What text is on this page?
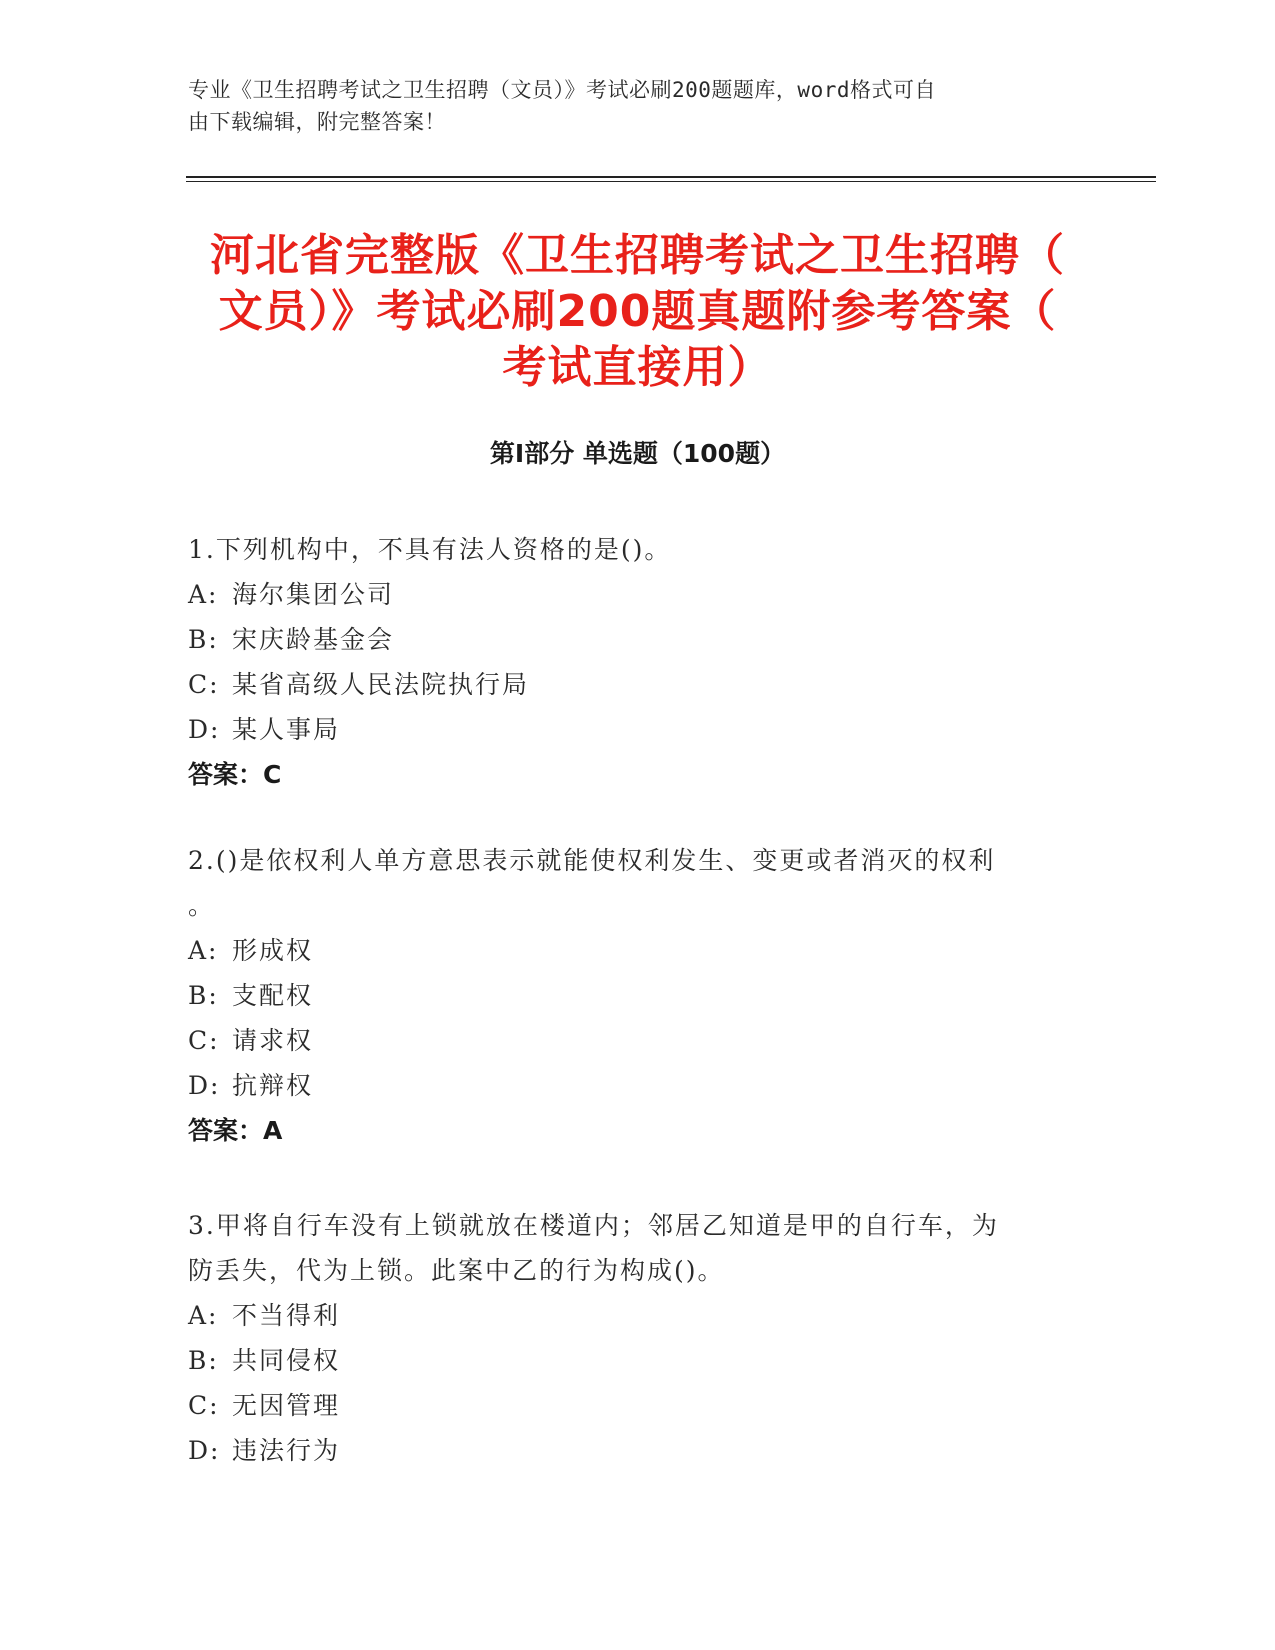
专业《卫生招聘考试之卫生招聘（文员）》考试必刷200题题库，word格式可自
由下载编辑，附完整答案！
河北省完整版《卫生招聘考试之卫生招聘（
文员）》考试必刷200题真题附参考答案（
考试直接用）
第Ⅰ部分 单选题（100题）
1.下列机构中，不具有法人资格的是()。
A: 海尔集团公司
B: 宋庆龄基金会
C: 某省高级人民法院执行局
D: 某人事局
答案：C
2.()是依权利人单方意思表示就能使权利发生、变更或者消灭的权利
。
A: 形成权
B: 支配权
C: 请求权
D: 抗辩权
答案：A
3.甲将自行车没有上锁就放在楼道内；邻居乙知道是甲的自行车，为
防丢失，代为上锁。此案中乙的行为构成()。
A: 不当得利
B: 共同侵权
C: 无因管理
D: 违法行为
